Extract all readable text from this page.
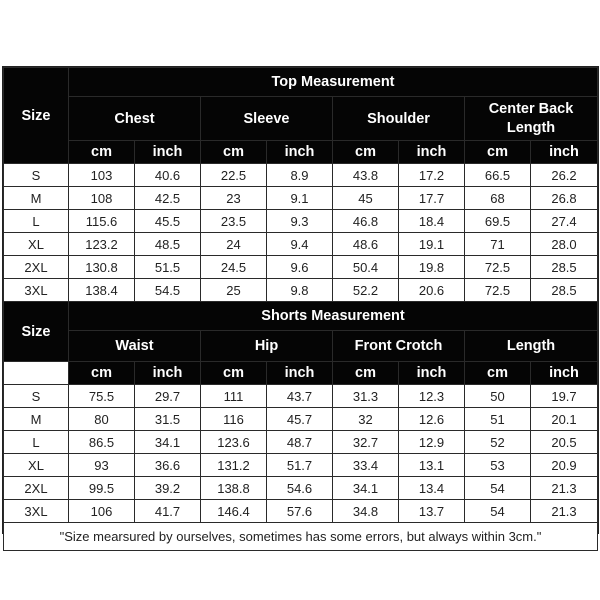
Size	Top Measurement							
	Chest		Sleeve		Shoulder		Center Back Length	
	cm	inch	cm	inch	cm	inch	cm	inch
S	103	40.6	22.5	8.9	43.8	17.2	66.5	26.2
M	108	42.5	23	9.1	45	17.7	68	26.8
L	115.6	45.5	23.5	9.3	46.8	18.4	69.5	27.4
XL	123.2	48.5	24	9.4	48.6	19.1	71	28.0
2XL	130.8	51.5	24.5	9.6	50.4	19.8	72.5	28.5
3XL	138.4	54.5	25	9.8	52.2	20.6	72.5	28.5
Size	Shorts Measurement							
	Waist		Hip		Front Crotch		Length	
	cm	inch	cm	inch	cm	inch	cm	inch
S	75.5	29.7	111	43.7	31.3	12.3	50	19.7
M	80	31.5	116	45.7	32	12.6	51	20.1
L	86.5	34.1	123.6	48.7	32.7	12.9	52	20.5
XL	93	36.6	131.2	51.7	33.4	13.1	53	20.9
2XL	99.5	39.2	138.8	54.6	34.1	13.4	54	21.3
3XL	106	41.7	146.4	57.6	34.8	13.7	54	21.3
"Size mearsured by ourselves, sometimes has some errors, but always within 3cm."								
